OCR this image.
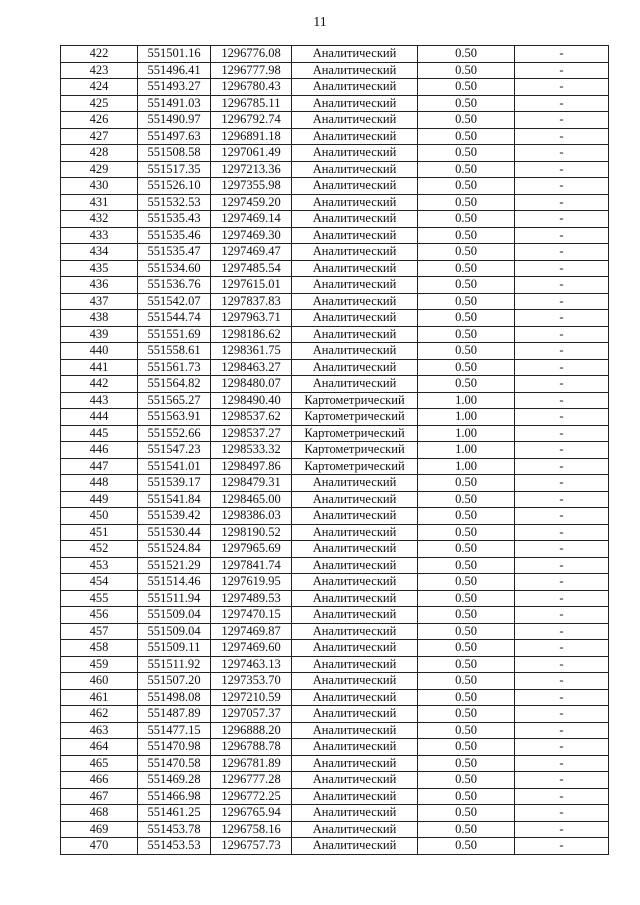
11
422	551501.16	1296776.08	Аналитический	0.50	-
423	551496.41	1296777.98	Аналитический	0.50	-
424	551493.27	1296780.43	Аналитический	0.50	-
425	551491.03	1296785.11	Аналитический	0.50	-
426	551490.97	1296792.74	Аналитический	0.50	-
427	551497.63	1296891.18	Аналитический	0.50	-
428	551508.58	1297061.49	Аналитический	0.50	-
429	551517.35	1297213.36	Аналитический	0.50	-
430	551526.10	1297355.98	Аналитический	0.50	-
431	551532.53	1297459.20	Аналитический	0.50	-
432	551535.43	1297469.14	Аналитический	0.50	-
433	551535.46	1297469.30	Аналитический	0.50	-
434	551535.47	1297469.47	Аналитический	0.50	-
435	551534.60	1297485.54	Аналитический	0.50	-
436	551536.76	1297615.01	Аналитический	0.50	-
437	551542.07	1297837.83	Аналитический	0.50	-
438	551544.74	1297963.71	Аналитический	0.50	-
439	551551.69	1298186.62	Аналитический	0.50	-
440	551558.61	1298361.75	Аналитический	0.50	-
441	551561.73	1298463.27	Аналитический	0.50	-
442	551564.82	1298480.07	Аналитический	0.50	-
443	551565.27	1298490.40	Картометрический	1.00	-
444	551563.91	1298537.62	Картометрический	1.00	-
445	551552.66	1298537.27	Картометрический	1.00	-
446	551547.23	1298533.32	Картометрический	1.00	-
447	551541.01	1298497.86	Картометрический	1.00	-
448	551539.17	1298479.31	Аналитический	0.50	-
449	551541.84	1298465.00	Аналитический	0.50	-
450	551539.42	1298386.03	Аналитический	0.50	-
451	551530.44	1298190.52	Аналитический	0.50	-
452	551524.84	1297965.69	Аналитический	0.50	-
453	551521.29	1297841.74	Аналитический	0.50	-
454	551514.46	1297619.95	Аналитический	0.50	-
455	551511.94	1297489.53	Аналитический	0.50	-
456	551509.04	1297470.15	Аналитический	0.50	-
457	551509.04	1297469.87	Аналитический	0.50	-
458	551509.11	1297469.60	Аналитический	0.50	-
459	551511.92	1297463.13	Аналитический	0.50	-
460	551507.20	1297353.70	Аналитический	0.50	-
461	551498.08	1297210.59	Аналитический	0.50	-
462	551487.89	1297057.37	Аналитический	0.50	-
463	551477.15	1296888.20	Аналитический	0.50	-
464	551470.98	1296788.78	Аналитический	0.50	-
465	551470.58	1296781.89	Аналитический	0.50	-
466	551469.28	1296777.28	Аналитический	0.50	-
467	551466.98	1296772.25	Аналитический	0.50	-
468	551461.25	1296765.94	Аналитический	0.50	-
469	551453.78	1296758.16	Аналитический	0.50	-
470	551453.53	1296757.73	Аналитический	0.50	-
